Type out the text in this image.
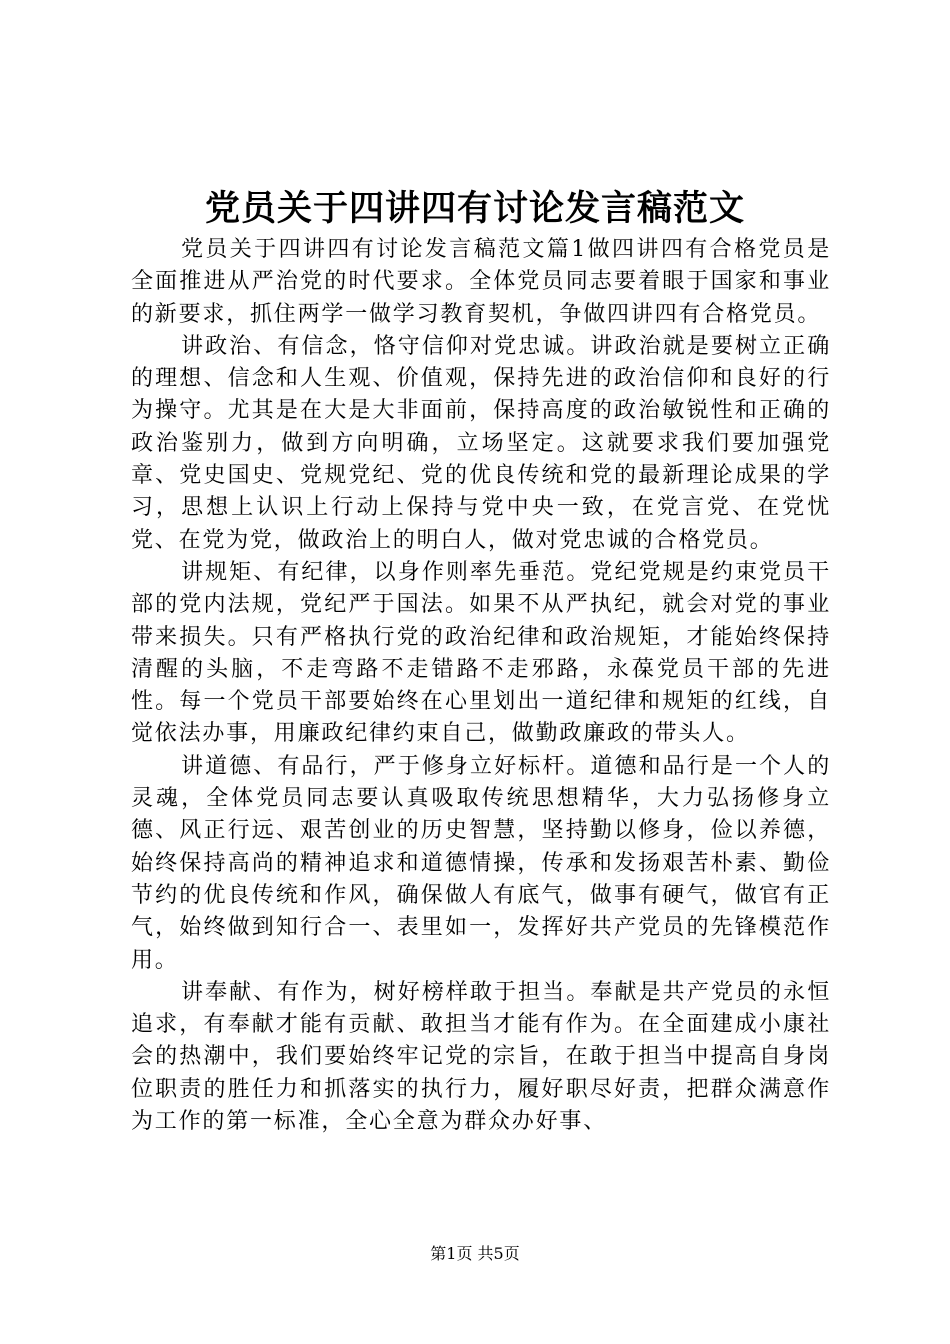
党员关于四讲四有讨论发言稿范文

党员关于四讲四有讨论发言稿范文篇1做四讲四有合格党员是全面推进从严治党的时代要求。全体党员同志要着眼于国家和事业的新要求，抓住两学一做学习教育契机，争做四讲四有合格党员。

讲政治、有信念，恪守信仰对党忠诚。讲政治就是要树立正确的理想、信念和人生观、价值观，保持先进的政治信仰和良好的行为操守。尤其是在大是大非面前，保持高度的政治敏锐性和正确的政治鉴别力，做到方向明确，立场坚定。这就要求我们要加强党章、党史国史、党规党纪、党的优良传统和党的最新理论成果的学习，思想上认识上行动上保持与党中央一致，在党言党、在党忧党、在党为党，做政治上的明白人，做对党忠诚的合格党员。

讲规矩、有纪律，以身作则率先垂范。党纪党规是约束党员干部的党内法规，党纪严于国法。如果不从严执纪，就会对党的事业带来损失。只有严格执行党的政治纪律和政治规矩，才能始终保持清醒的头脑，不走弯路不走错路不走邪路，永葆党员干部的先进性。每一个党员干部要始终在心里划出一道纪律和规矩的红线，自觉依法办事，用廉政纪律约束自己，做勤政廉政的带头人。

讲道德、有品行，严于修身立好标杆。道德和品行是一个人的灵魂，全体党员同志要认真吸取传统思想精华，大力弘扬修身立德、风正行远、艰苦创业的历史智慧，坚持勤以修身，俭以养德，始终保持高尚的精神追求和道德情操，传承和发扬艰苦朴素、勤俭节约的优良传统和作风，确保做人有底气，做事有硬气，做官有正气，始终做到知行合一、表里如一，发挥好共产党员的先锋模范作用。

讲奉献、有作为，树好榜样敢于担当。奉献是共产党员的永恒追求，有奉献才能有贡献、敢担当才能有作为。在全面建成小康社会的热潮中，我们要始终牢记党的宗旨，在敢于担当中提高自身岗位职责的胜任力和抓落实的执行力，履好职尽好责，把群众满意作为工作的第一标准，全心全意为群众办好事、

第1页 共5页
